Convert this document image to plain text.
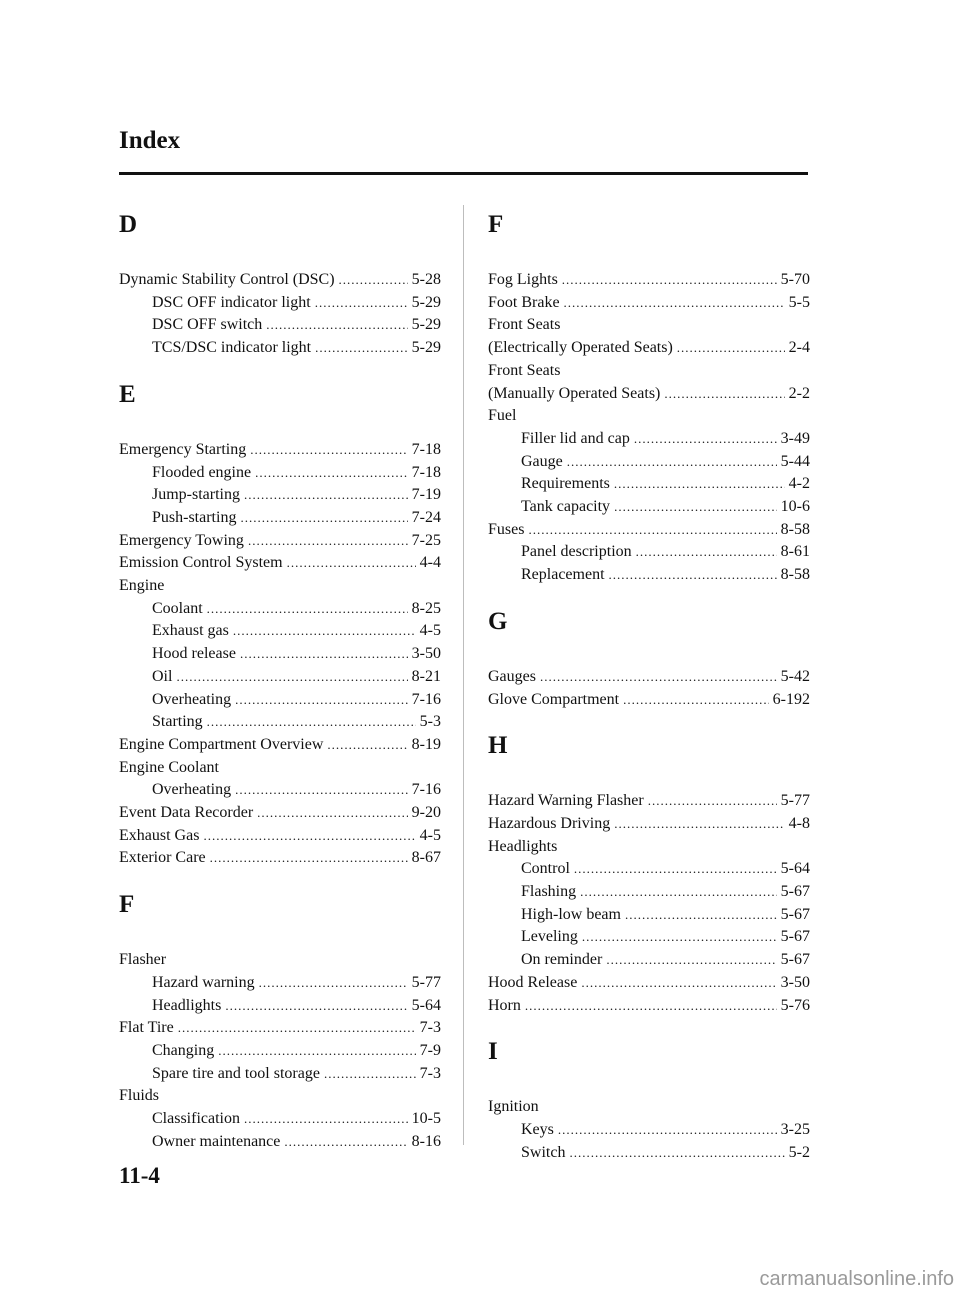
Index
D
Dynamic Stability Control (DSC) .....	5-28
DSC OFF indicator light .....	5-29
DSC OFF switch .....	5-29
TCS/DSC indicator light .....	5-29
E
Emergency Starting .....	7-18
Flooded engine .....	7-18
Jump-starting .....	7-19
Push-starting .....	7-24
Emergency Towing .....	7-25
Emission Control System .....	4-4
Engine
Coolant .....	8-25
Exhaust gas .....	4-5
Hood release .....	3-50
Oil .....	8-21
Overheating .....	7-16
Starting .....	5-3
Engine Compartment Overview .....	8-19
Engine Coolant
Overheating .....	7-16
Event Data Recorder .....	9-20
Exhaust Gas .....	4-5
Exterior Care .....	8-67
F
Flasher
Hazard warning .....	5-77
Headlights .....	5-64
Flat Tire .....	7-3
Changing .....	7-9
Spare tire and tool storage .....	7-3
Fluids
Classification .....	10-5
Owner maintenance .....	8-16
F
Fog Lights .....	5-70
Foot Brake .....	5-5
Front Seats
(Electrically Operated Seats) .....	2-4
Front Seats
(Manually Operated Seats) .....	2-2
Fuel
Filler lid and cap .....	3-49
Gauge .....	5-44
Requirements .....	4-2
Tank capacity .....	10-6
Fuses .....	8-58
Panel description .....	8-61
Replacement .....	8-58
G
Gauges .....	5-42
Glove Compartment .....	6-192
H
Hazard Warning Flasher .....	5-77
Hazardous Driving .....	4-8
Headlights
Control .....	5-64
Flashing .....	5-67
High-low beam .....	5-67
Leveling .....	5-67
On reminder .....	5-67
Hood Release .....	3-50
Horn .....	5-76
I
Ignition
Keys .....	3-25
Switch .....	5-2
11-4
carmanualsonline.info
